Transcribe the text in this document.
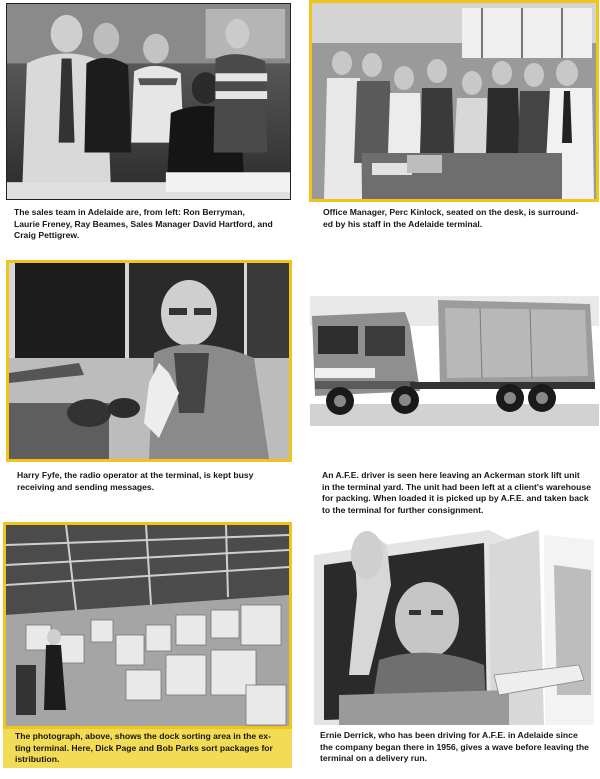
The sales team in Adelaide are, from left: Ron Berryman,
Laurie Freney, Ray Beames, Sales Manager David Hartford, and
Craig Pettigrew.
Office Manager, Perc Kinlock, seated on the desk, is surround-
ed by his staff in the Adelaide terminal.
Harry Fyfe, the radio operator at the terminal, is kept busy
receiving and sending messages.
An A.F.E. driver is seen here leaving an Ackerman stork lift unit
in the terminal yard. The unit had been left at a client's warehouse
for packing. When loaded it is picked up by A.F.E. and taken back
to the terminal for further consignment.
The photograph, above, shows the dock sorting area in the ex-
ting terminal. Here, Dick Page and Bob Parks sort packages for
istribution.
Ernie Derrick, who has been driving for A.F.E. in Adelaide since
the company began there in 1956, gives a wave before leaving the
terminal on a delivery run.
